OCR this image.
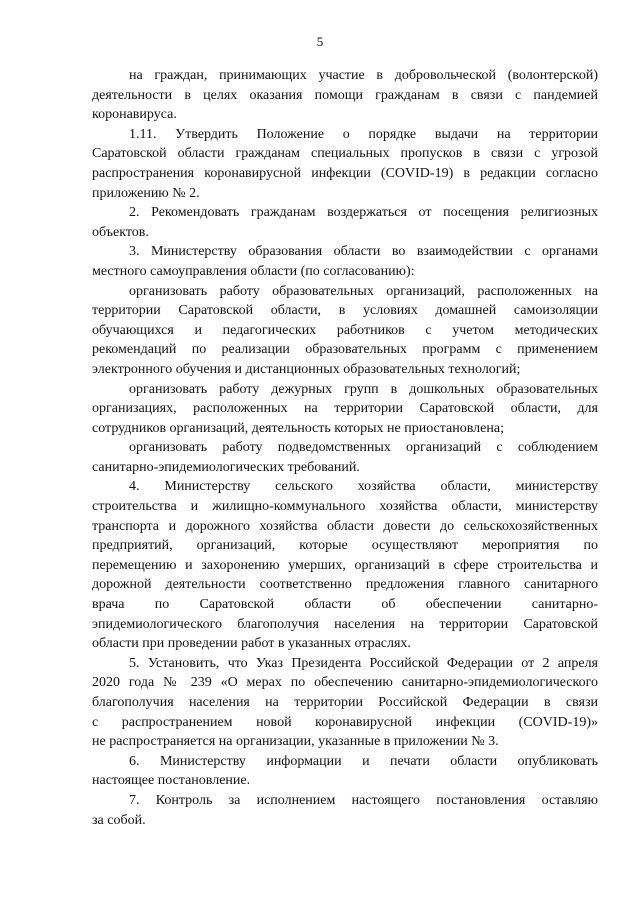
5
на граждан, принимающих участие в добровольческой (волонтерской)
деятельности в целях оказания помощи гражданам в связи с пандемией
коронавируса.
1.11. Утвердить Положение о порядке выдачи на территории
Саратовской области гражданам специальных пропусков в связи с угрозой
распространения коронавирусной инфекции (COVID-19) в редакции согласно
приложению № 2.
2. Рекомендовать гражданам воздержаться от посещения религиозных
объектов.
3. Министерству образования области во взаимодействии с органами
местного самоуправления области (по согласованию):
организовать работу образовательных организаций, расположенных на
территории Саратовской области, в условиях домашней самоизоляции
обучающихся и педагогических работников с учетом методических
рекомендаций по реализации образовательных программ с применением
электронного обучения и дистанционных образовательных технологий;
организовать работу дежурных групп в дошкольных образовательных
организациях, расположенных на территории Саратовской области, для
сотрудников организаций, деятельность которых не приостановлена;
организовать работу подведомственных организаций с соблюдением
санитарно-эпидемиологических требований.
4. Министерству сельского хозяйства области, министерству
строительства и жилищно-коммунального хозяйства области, министерству
транспорта и дорожного хозяйства области довести до сельскохозяйственных
предприятий, организаций, которые осуществляют мероприятия по
перемещению и захоронению умерших, организаций в сфере строительства и
дорожной деятельности соответственно предложения главного санитарного
врача по Саратовской области об обеспечении санитарно-
эпидемиологического благополучия населения на территории Саратовской
области при проведении работ в указанных отраслях.
5. Установить, что Указ Президента Российской Федерации от 2 апреля
2020 года № 239 «О мерах по обеспечению санитарно-эпидемиологического
благополучия населения на территории Российской Федерации в связи
с распространением новой коронавирусной инфекции (COVID-19)»
не распространяется на организации, указанные в приложении № 3.
6. Министерству информации и печати области опубликовать
настоящее постановление.
7. Контроль за исполнением настоящего постановления оставляю
за собой.
